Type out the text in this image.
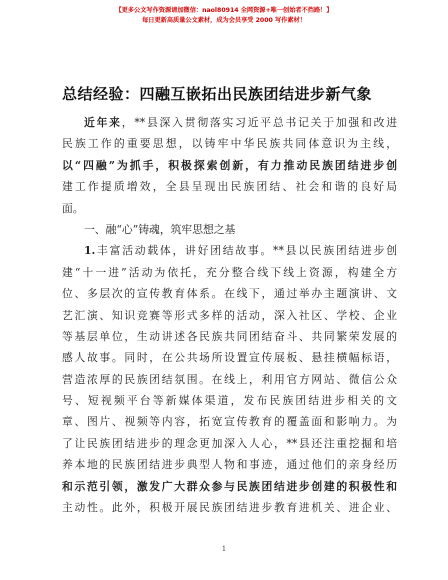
【更多公文写作资源请加微信：naol80914 全网资源+唯一创始者不挡路！】
每日更新高质量公文素材，成为会员享受 2000 写作素材！
总结经验：四融互嵌拓出民族团结进步新气象
近年来，**县深入贯彻落实习近平总书记关于加强和改进
民族工作的重要思想，以铸牢中华民族共同体意识为主线，
以“四融”为抓手，积极探索创新，有力推动民族团结进步创
建工作提质增效，全县呈现出民族团结、社会和谐的良好局
面。
一、融“心”铸魂，筑牢思想之基
1.丰富活动载体，讲好团结故事。**县以民族团结进步创
建“十一进”活动为依托，充分整合线下线上资源，构建全方
位、多层次的宣传教育体系。在线下，通过举办主题演讲、文
艺汇演、知识竞赛等形式多样的活动，深入社区、学校、企业
等基层单位，生动讲述各民族共同团结奋斗、共同繁荣发展的
感人故事。同时，在公共场所设置宣传展板、悬挂横幅标语，
营造浓厚的民族团结氛围。在线上，利用官方网站、微信公众
号、短视频平台等新媒体渠道，发布民族团结进步相关的文
章、图片、视频等内容，拓宽宣传教育的覆盖面和影响力。为
了让民族团结进步的理念更加深入人心，**县还注重挖掘和培
养本地的民族团结进步典型人物和事迹，通过他们的亲身经历
和示范引领，激发广大群众参与民族团结进步创建的积极性和
主动性。此外，积极开展民族团结进步教育进机关、进企业、
1
